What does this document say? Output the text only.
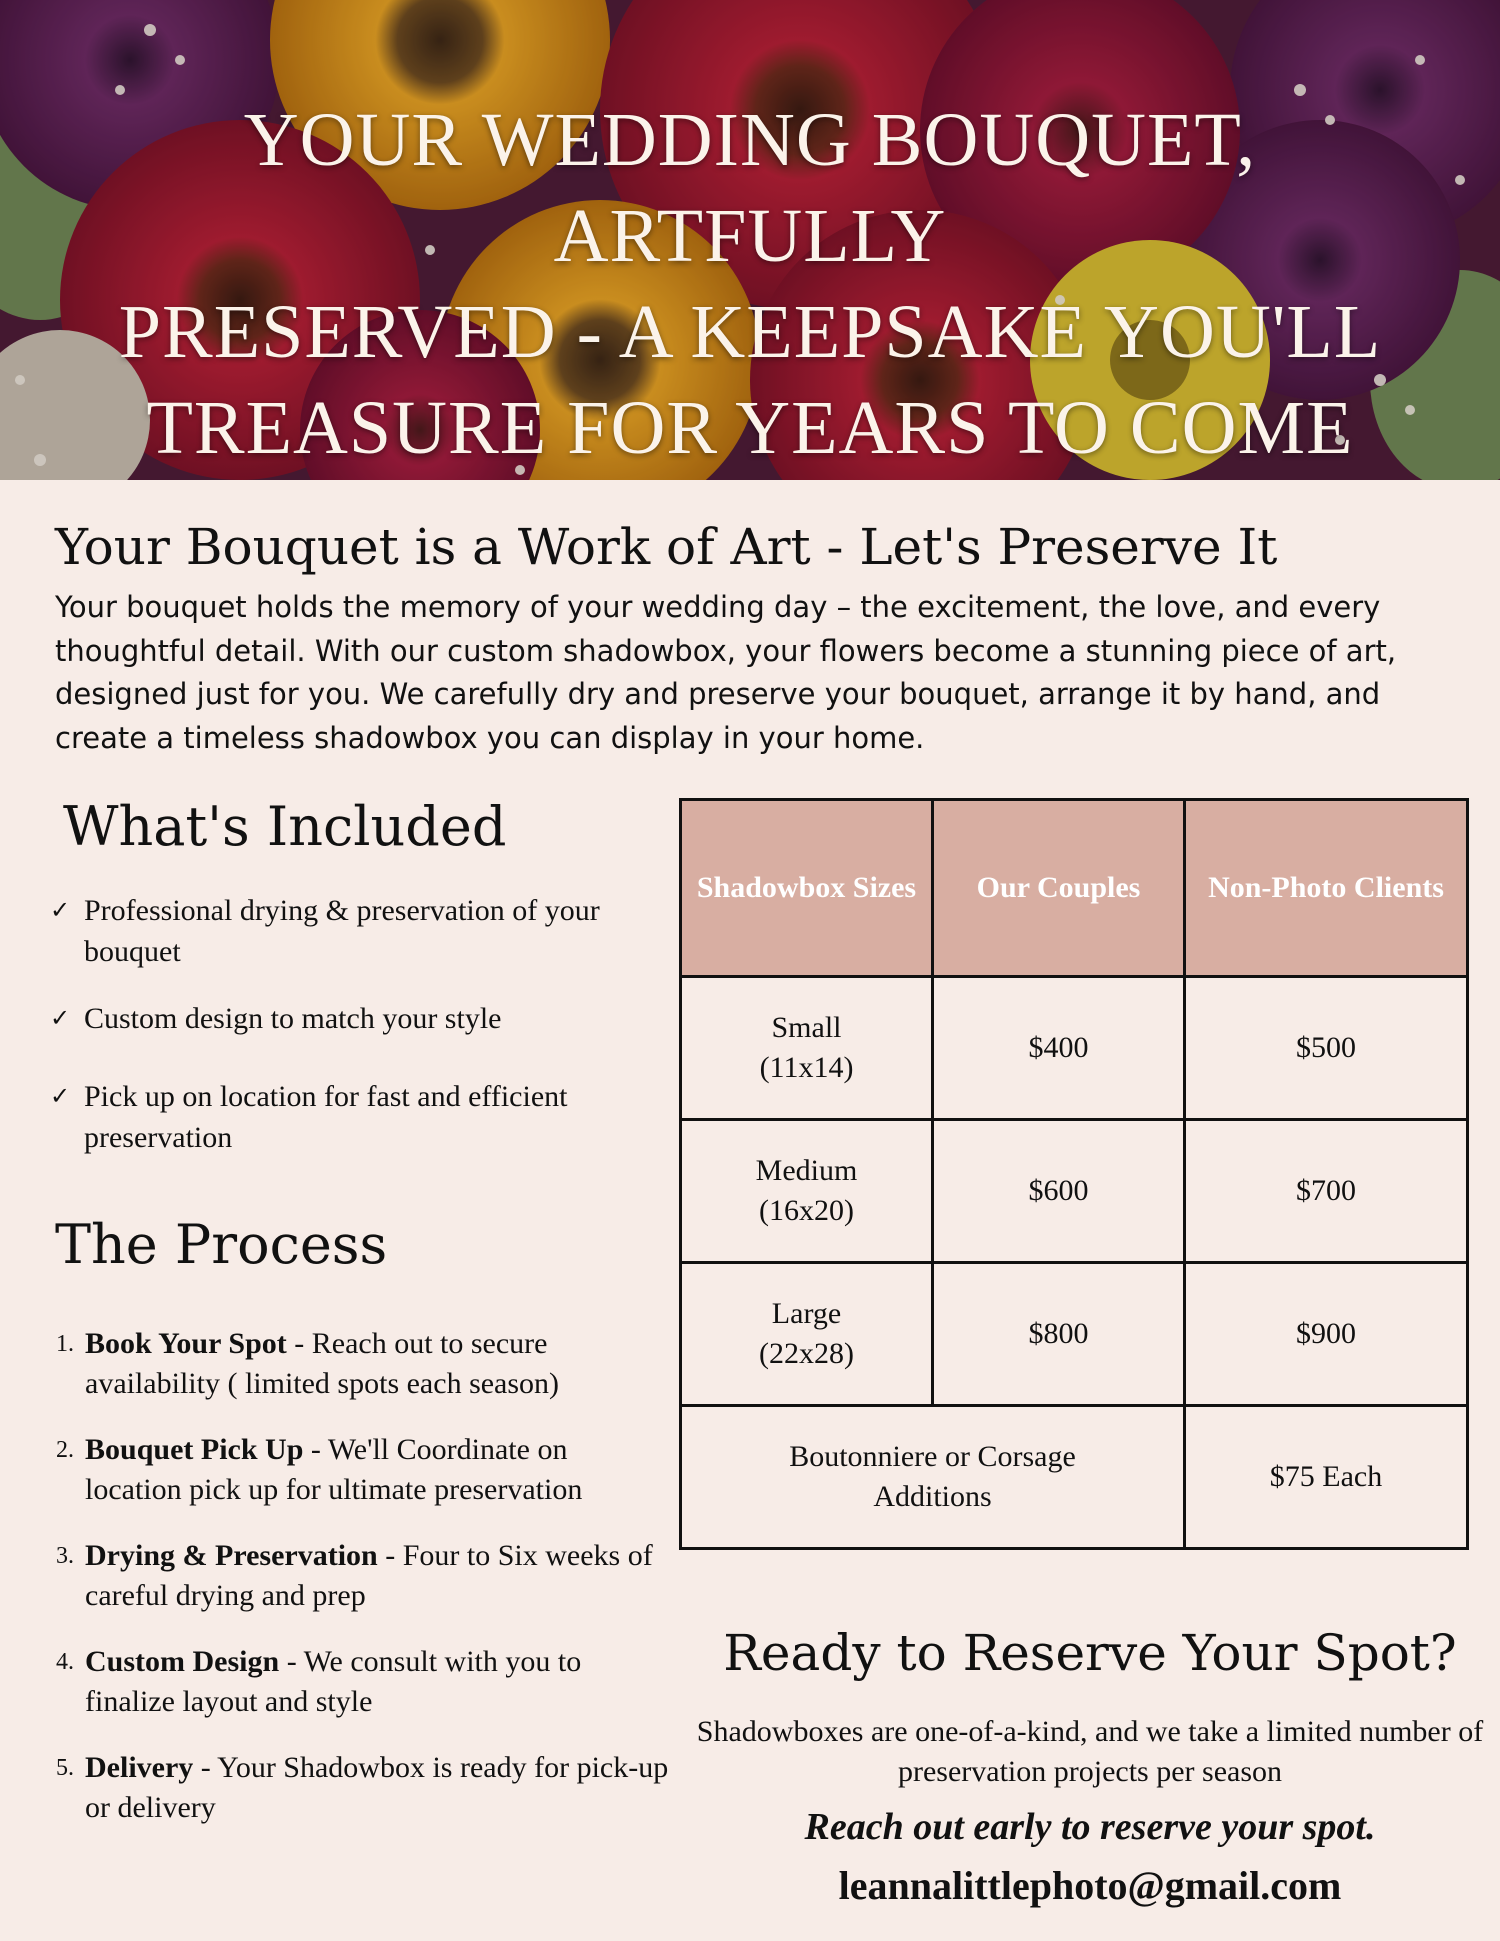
YOUR WEDDING BOUQUET, ARTFULLY
PRESERVED - A KEEPSAKE YOU'LL
TREASURE FOR YEARS TO COME
Your Bouquet is a Work of Art - Let's Preserve It

Your bouquet holds the memory of your wedding day – the excitement, the love, and every thoughtful detail. With our custom shadowbox, your flowers become a stunning piece of art, designed just for you. We carefully dry and preserve your bouquet, arrange it by hand, and create a timeless shadowbox you can display in your home.

What's Included
✓ Professional drying & preservation of your bouquet
✓ Custom design to match your style
✓ Pick up on location for fast and efficient preservation
The Process
1. Book Your Spot - Reach out to secure availability ( limited spots each season)
2. Bouquet Pick Up - We'll Coordinate on location pick up for ultimate preservation
3. Drying & Preservation - Four to Six weeks of careful drying and prep
4. Custom Design - We consult with you to finalize layout and style
5. Delivery - Your Shadowbox is ready for pick-up or delivery
Shadowbox Sizes	Our Couples	Non-Photo Clients
Small
(11x14)	$400	$500
Medium
(16x20)	$600	$700
Large
(22x28)	$800	$900
Boutonniere or Corsage Additions		$75 Each
Ready to Reserve Your Spot?

Shadowboxes are one-of-a-kind, and we take a limited number of preservation projects per season

Reach out early to reserve your spot.

leannalittlephoto@gmail.com
